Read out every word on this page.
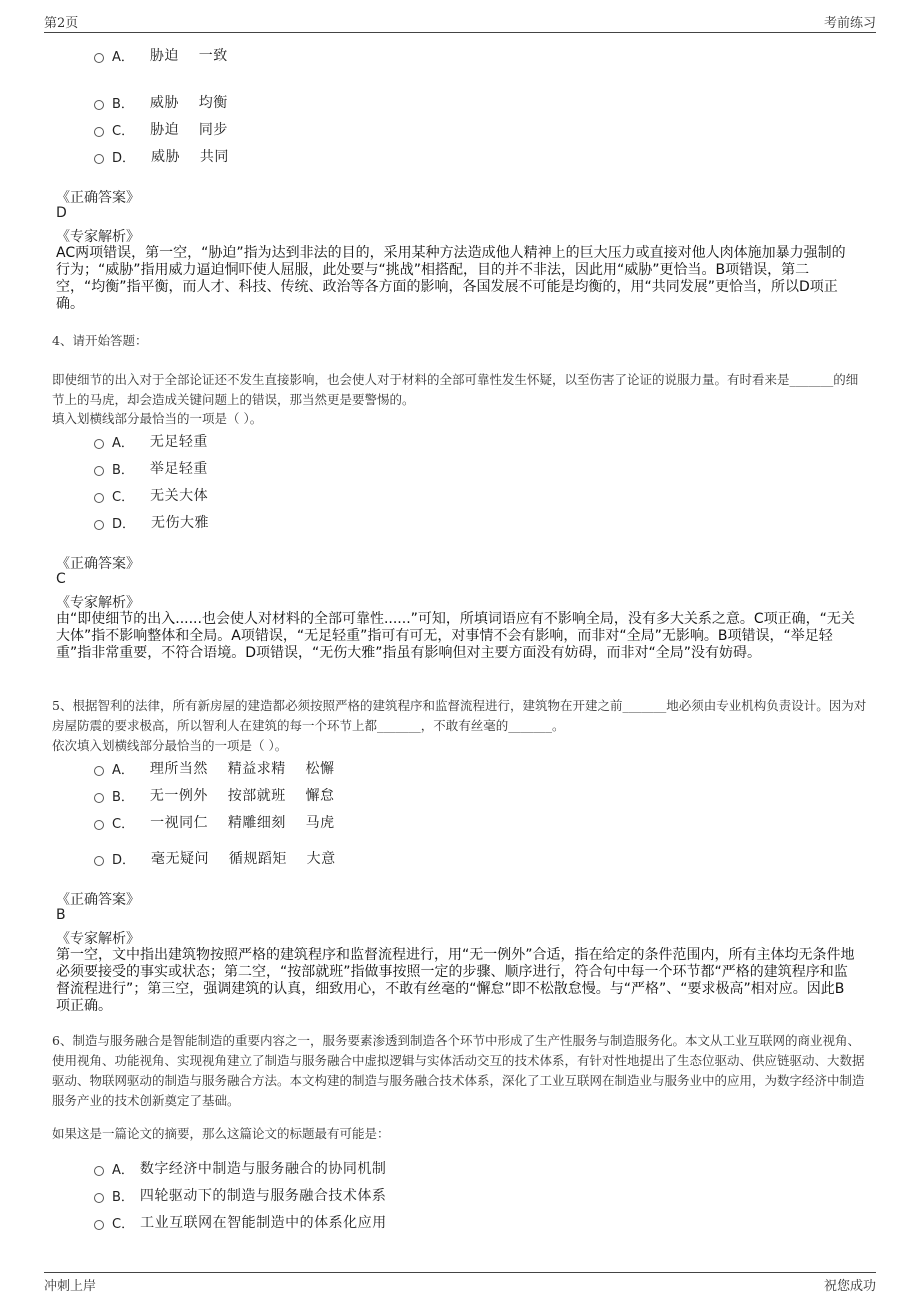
第2页	考前练习
A． 胁迫    一致
B． 威胁    均衡
C． 胁迫    同步
D． 威胁    共同
《正确答案》
D
《专家解析》
AC两项错误，第一空，“胁迫”指为达到非法的目的，采用某种方法造成他人精神上的巨大压力或直接对他人肉体施加暴力强制的行为；“威胁”指用威力逼迫恫吓使人屈服，此处要与“挑战”相搭配，目的并不非法，因此用“威胁”更恰当。B项错误，第二空，“均衡”指平衡，而人才、科技、传统、政治等各方面的影响，各国发展不可能是均衡的，用“共同发展”更恰当，所以D项正确。
4、请开始答题：
即使细节的出入对于全部论证还不发生直接影响，也会使人对于材料的全部可靠性发生怀疑，以至伤害了论证的说服力量。有时看来是_______的细节上的马虎，却会造成关键问题上的错误，那当然更是要警惕的。
填入划横线部分最恰当的一项是（ ）。
A． 无足轻重
B． 举足轻重
C． 无关大体
D． 无伤大雅
《正确答案》
C
《专家解析》
由“即使细节的出入......也会使人对材料的全部可靠性......”可知，所填词语应有不影响全局，没有多大关系之意。C项正确，“无关大体”指不影响整体和全局。A项错误，“无足轻重”指可有可无，对事情不会有影响，而非对“全局”无影响。B项错误，“举足轻重”指非常重要，不符合语境。D项错误，“无伤大雅”指虽有影响但对主要方面没有妨碍，而非对“全局”没有妨碍。
5、根据智利的法律，所有新房屋的建造都必须按照严格的建筑程序和监督流程进行，建筑物在开建之前_______地必须由专业机构负责设计。因为对房屋防震的要求极高，所以智利人在建筑的每一个环节上都_______，不敢有丝毫的_______。
依次填入划横线部分最恰当的一项是（ ）。
A． 理所当然    精益求精    松懈
B． 无一例外    按部就班    懈怠
C． 一视同仁    精雕细刻    马虎
D． 毫无疑问    循规蹈矩    大意
《正确答案》
B
《专家解析》
第一空，文中指出建筑物按照严格的建筑程序和监督流程进行，用“无一例外”合适，指在给定的条件范围内，所有主体均无条件地必须要接受的事实或状态；第二空，“按部就班”指做事按照一定的步骤、顺序进行，符合句中每一个环节都“严格的建筑程序和监督流程进行”；第三空，强调建筑的认真，细致用心，不敢有丝毫的“懈怠”即不松散怠慢。与“严格”、“要求极高”相对应。因此B项正确。
6、制造与服务融合是智能制造的重要内容之一，服务要素渗透到制造各个环节中形成了生产性服务与制造服务化。本文从工业互联网的商业视角、使用视角、功能视角、实现视角建立了制造与服务融合中虚拟逻辑与实体活动交互的技术体系，有针对性地提出了生态位驱动、供应链驱动、大数据驱动、物联网驱动的制造与服务融合方法。本文构建的制造与服务融合技术体系，深化了工业互联网在制造业与服务业中的应用，为数字经济中制造服务产业的技术创新奠定了基础。
如果这是一篇论文的摘要，那么这篇论文的标题最有可能是：
A． 数字经济中制造与服务融合的协同机制
B． 四轮驱动下的制造与服务融合技术体系
C． 工业互联网在智能制造中的体系化应用
冲刺上岸	祝您成功
